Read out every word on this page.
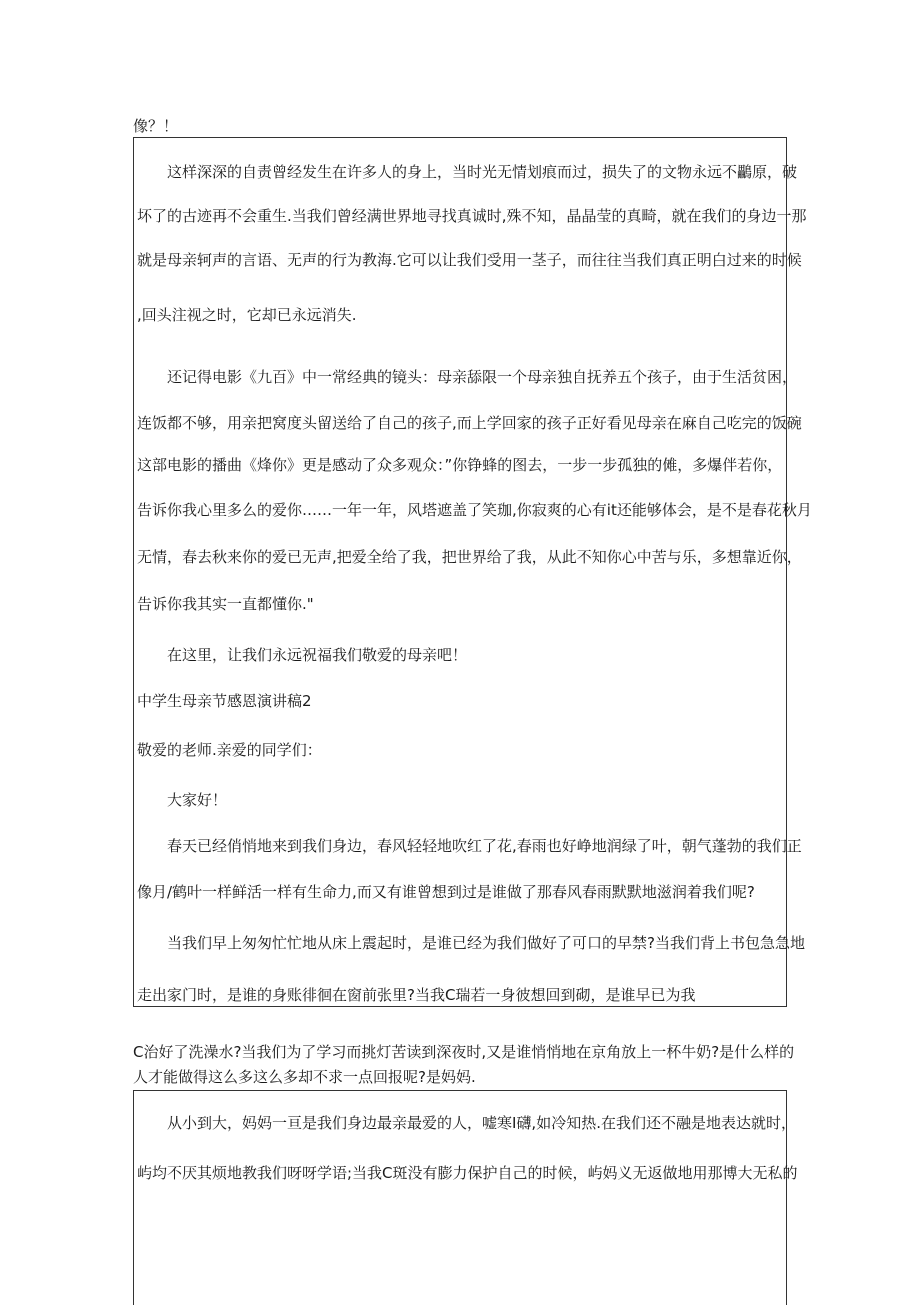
像？！
这样深深的自责曾经发生在许多人的身上，当时光无情划痕而过，损失了的文物永远不鸓原，破
坏了的古迹再不会重生.当我们曾经满世界地寻找真诚时,殊不知，晶晶莹的真畸，就在我们的身边一那
就是母亲轲声的言语、无声的行为教海.它可以让我们受用一茎子，而往往当我们真正明白过来的时候
,回头注视之时，它却已永远消失.
还记得电影《九百》中一常经典的镜头：母亲舔限一个母亲独自抚养五个孩子，由于生活贫困，
连饭都不够，用亲把窝度头留送给了自己的孩子,而上学回家的孩子正好看见母亲在麻自己吃完的饭碗
这部电影的播曲《烽你》更是感动了众多观众：”你铮蜂的图去，一步一步孤独的傩，多爆伴若你，
告诉你我心里多么的爱你……一年一年，风塔遮盖了笑珈,你寂爽的心有it还能够体会，是不是春花秋月
无情，春去秋来你的爱已无声,把爱全给了我，把世界给了我，从此不知你心中苦与乐，多想靠近你，
告诉你我其实一直都懂你."
在这里，让我们永远祝福我们敬爱的母亲吧！
中学生母亲节感恩演讲稿2
敬爱的老师.亲爱的同学们：
大家好！
春天已经俏悄地来到我们身边，春风轻轻地吹红了花,春雨也好峥地润绿了叶，朝气蓬勃的我们正
像月/鹤叶一样鲜活一样有生命力,而又有谁曾想到过是谁做了那春风春雨默默地滋润着我们呢?
当我们早上匆匆忙忙地从床上震起时，是谁已经为我们做好了可口的早禁?当我们背上书包急急地
走出家门时，是谁的身账徘徊在窗前张里?当我C瑞若一身彼想回到砌，是谁早已为我
C治好了洗澡水?当我们为了学习而挑灯苦读到深夜时,又是谁悄悄地在京角放上一杯牛奶?是什么样的
人才能做得这么多这么多却不求一点回报呢?是妈妈.
从小到大，妈妈一亘是我们身边最亲最爱的人，嘘寒I礴,如冷知热.在我们还不融是地表达就时，
屿均不厌其烦地教我们呀呀学语;当我C斑没有膨力保护自己的时候，屿妈义无返做地用那博大无私的
